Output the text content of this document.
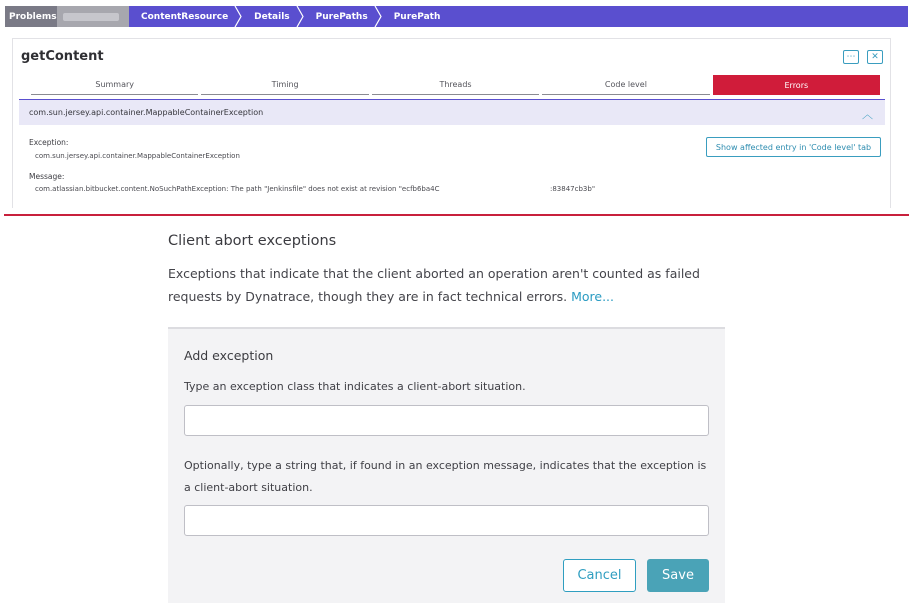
Problems	ContentResource	Details	PurePaths	PurePath
getContent	⋯ ✕
Summary	Timing	Threads	Code level	Errors
com.sun.jersey.api.container.MappableContainerException	︿
Exception:
com.sun.jersey.api.container.MappableContainerException
Show affected entry in 'Code level' tab
Message:
com.atlassian.bitbucket.content.NoSuchPathException: The path "Jenkinsfile" does not exist at revision "ecfb6ba4C	:83847cb3b"
Client abort exceptions
Exceptions that indicate that the client aborted an operation aren't counted as failed requests by Dynatrace, though they are in fact technical errors. More...
Add exception
Type an exception class that indicates a client-abort situation.
Optionally, type a string that, if found in an exception message, indicates that the exception is a client-abort situation.
Cancel	Save
